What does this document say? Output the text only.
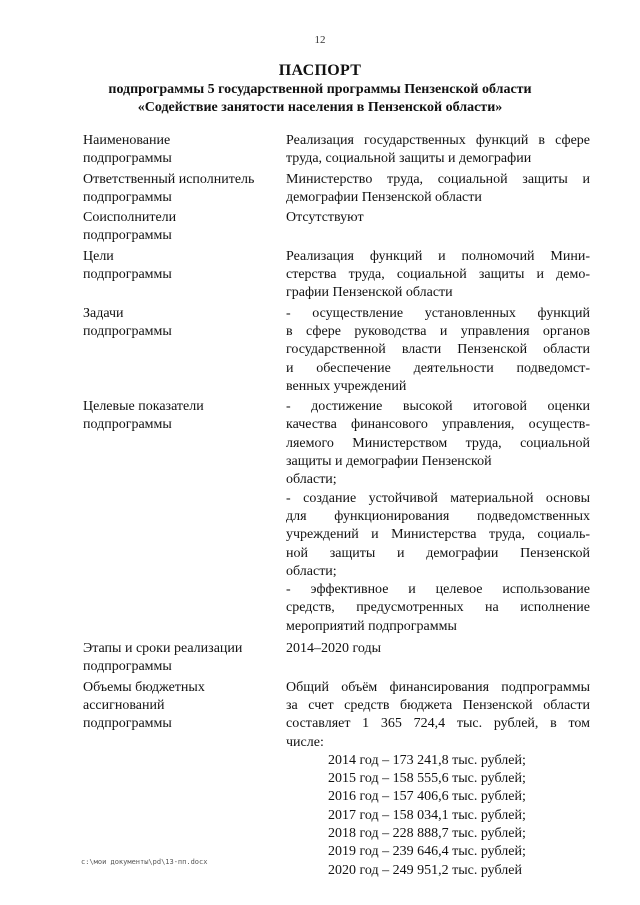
12
ПАСПОРТ
подпрограммы 5 государственной программы Пензенской области
«Содействие занятости населения в Пензенской области»
Наименование
подпрограммы
Реализация государственных функций в сфере
труда, социальной защиты и демографии
Ответственный исполнитель
подпрограммы
Министерство труда, социальной защиты и
демографии Пензенской области
Соисполнители
подпрограммы
Отсутствуют
Цели
подпрограммы
Реализация функций и полномочий Мини-
стерства труда, социальной защиты и демо-
графии Пензенской области
Задачи
подпрограммы
- осуществление установленных функций
в сфере руководства и управления органов
государственной власти Пензенской области
и обеспечение деятельности подведомст-
венных учреждений
Целевые показатели
подпрограммы
- достижение высокой итоговой оценки
качества финансового управления, осуществ-
ляемого Министерством труда, социальной
защиты и демографии Пензенской
области;
- создание устойчивой материальной основы
для функционирования подведомственных
учреждений и Министерства труда, социаль-
ной защиты и демографии Пензенской
области;
- эффективное и целевое использование
средств, предусмотренных на исполнение
мероприятий подпрограммы
Этапы и сроки реализации
подпрограммы
2014–2020 годы
Объемы бюджетных
ассигнований
подпрограммы
Общий объём финансирования подпрограммы
за счет средств бюджета Пензенской области
составляет 1 365 724,4 тыс. рублей, в том
числе:
2014 год – 173 241,8 тыс. рублей;
2015 год – 158 555,6 тыс. рублей;
2016 год – 157 406,6 тыс. рублей;
2017 год – 158 034,1 тыс. рублей;
2018 год – 228 888,7 тыс. рублей;
2019 год – 239 646,4 тыс. рублей;
2020 год – 249 951,2 тыс. рублей
c:\мои документы\pd\13-пп.docx
